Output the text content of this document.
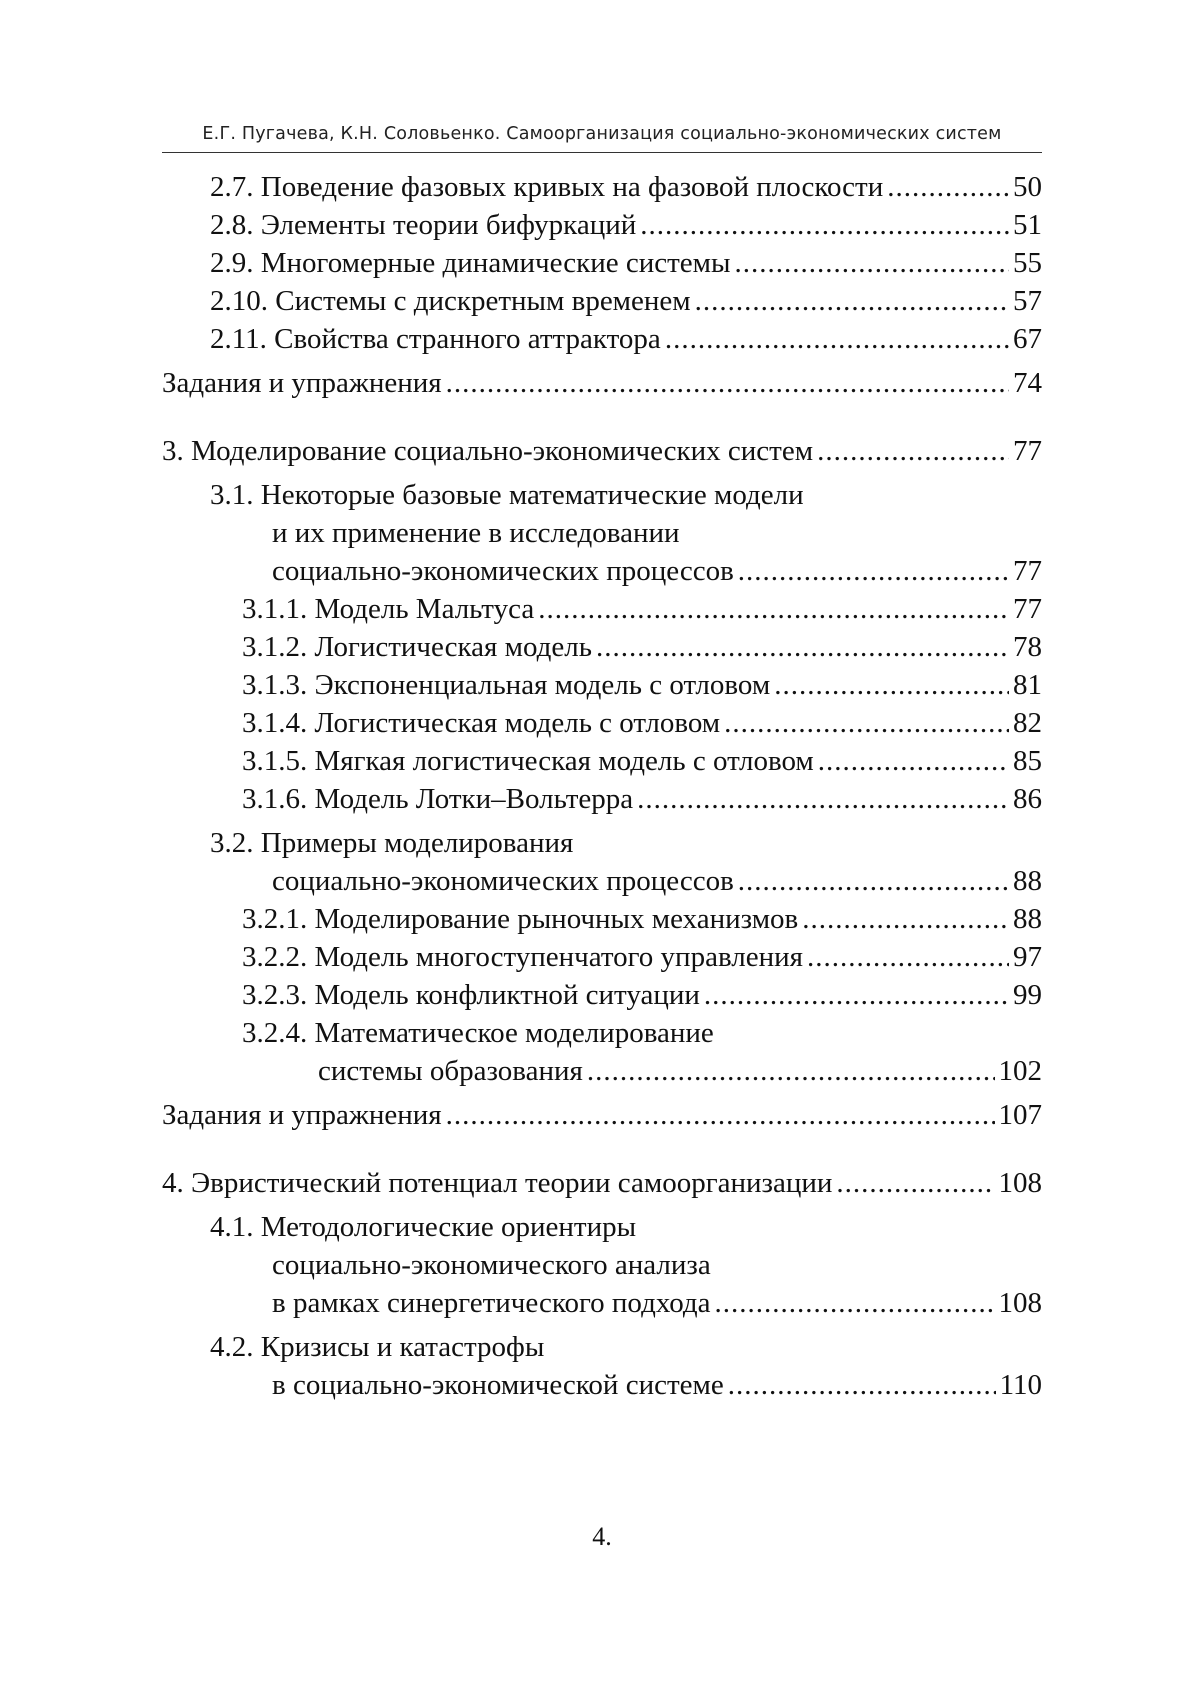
Е.Г. Пугачева, К.Н. Соловьенко. Самоорганизация социально-экономических систем
2.7. Поведение фазовых кривых на фазовой плоскости .....	50
2.8. Элементы теории бифуркаций .....	51
2.9. Многомерные динамические системы .....	55
2.10. Системы с дискретным временем .....	57
2.11. Свойства странного аттрактора .....	67
Задания и упражнения .....	74
3. Моделирование социально-экономических систем .....	77
3.1. Некоторые базовые математические модели
и их применение в исследовании
социально-экономических процессов .....	77
3.1.1. Модель Мальтуса .....	77
3.1.2. Логистическая модель .....	78
3.1.3. Экспоненциальная модель с отловом .....	81
3.1.4. Логистическая модель с отловом .....	82
3.1.5. Мягкая логистическая модель с отловом .....	85
3.1.6. Модель Лотки–Вольтерра .....	86
3.2. Примеры моделирования
социально-экономических процессов .....	88
3.2.1. Моделирование рыночных механизмов .....	88
3.2.2. Модель многоступенчатого управления .....	97
3.2.3. Модель конфликтной ситуации .....	99
3.2.4. Математическое моделирование
системы образования .....	102
Задания и упражнения .....	107
4. Эвристический потенциал теории самоорганизации .....	108
4.1. Методологические ориентиры
социально-экономического анализа
в рамках синергетического подхода .....	108
4.2. Кризисы и катастрофы
в социально-экономической системе .....	110
4.
